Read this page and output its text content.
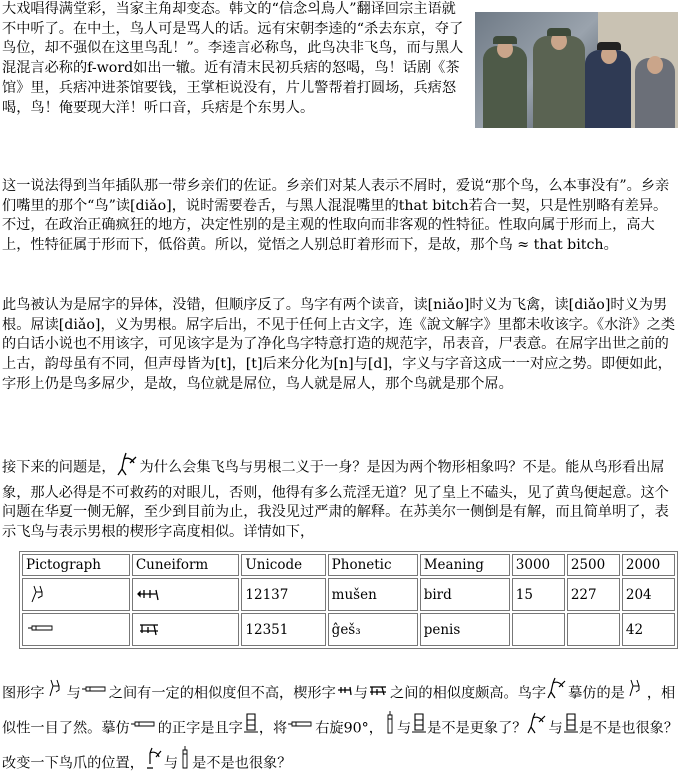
大戏唱得满堂彩，当家主角却变态。韩文的“信念의鳥人”翻译回宗主语就不中听了。在中土，鸟人可是骂人的话。远有宋朝李逵的“杀去东京，夺了鸟位，却不强似在这里鸟乱！”。李逵言必称鸟，此鸟决非飞鸟，而与黑人混混言必称的f-word如出一辙。近有清末民初兵痞的怒喝，鸟！话剧《茶馆》里，兵痞冲进茶馆要钱，王掌柜说没有，片儿警帮着打圆场，兵痞怒喝，鸟！俺要现大洋！听口音，兵痞是个东男人。

这一说法得到当年插队那一带乡亲们的佐证。乡亲们对某人表示不屑时，爱说“那个鸟，么本事没有”。乡亲们嘴里的那个“鸟”读[diǎo]，说时需要卷舌，与黑人混混嘴里的that bitch若合一契，只是性别略有差异。不过，在政治正确疯狂的地方，决定性别的是主观的性取向而非客观的性特征。性取向属于形而上，高大上，性特征属于形而下，低俗黄。所以，觉悟之人别总盯着形而下，是故，那个鸟 ≈ that bitch。

此鸟被认为是屌字的异体，没错，但顺序反了。鸟字有两个读音，读[niǎo]时义为飞禽，读[diǎo]时义为男根。屌读[diǎo]，义为男根。屌字后出，不见于任何上古文字，连《說文解字》里都未收该字。《水浒》之类的白话小说也不用该字，可见该字是为了净化鸟字特意打造的规范字，吊表音，尸表意。在屌字出世之前的上古，韵母虽有不同，但声母皆为[t]，[t]后来分化为[n]与[d]，字义与字音这成一一对应之势。即便如此，字形上仍是鸟多屌少，是故，鸟位就是屌位，鸟人就是屌人，那个鸟就是那个屌。

接下来的问题是， 为什么会集飞鸟与男根二义于一身？是因为两个物形相象吗？不是。能从鸟形看出屌象，那人必得是不可救药的对眼儿，否则，他得有多么荒淫无道？见了皇上不磕头，见了黄鸟便起意。这个问题在华夏一侧无解，至少到目前为止，我没见过严肃的解释。在苏美尔一侧倒是有解，而且简单明了，表示飞鸟与表示男根的楔形字高度相似。详情如下，

Pictograph	Cuneiform	Unicode	Phonetic	Meaning	3000	2500	2000
		12137	mušen	bird	15	227	204
		12351	ĝeš₃	penis			42

图形字 与 之间有一定的相似度但不高，楔形字 与 之间的相似度颇高。鸟字 摹仿的是 ，相似性一目了然。摹仿 的正字是且字 ，将 右旋90°， 与 是不是更象了？ 与 是不是也很象？改变一下鸟爪的位置， 与 是不是也很象？
